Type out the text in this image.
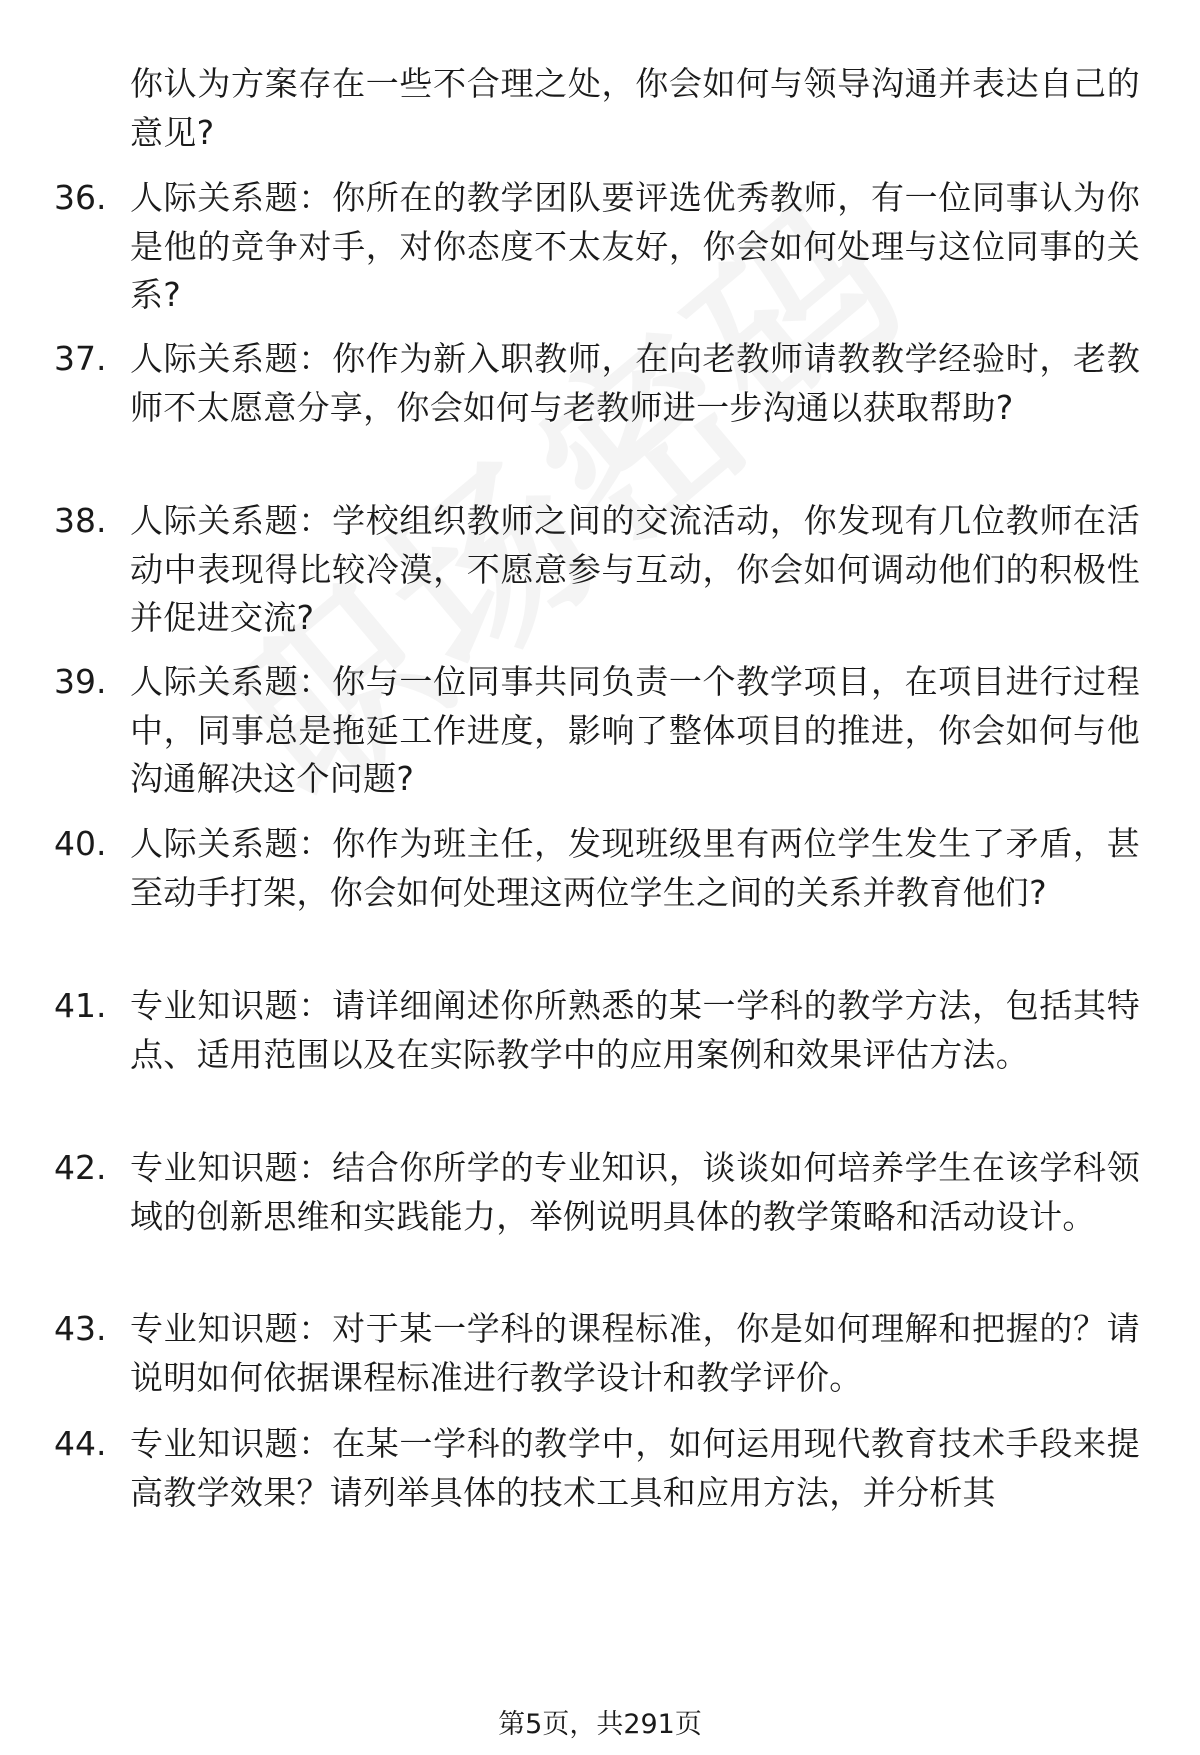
你认为方案存在一些不合理之处，你会如何与领导沟通并表达自己的意见?
36. 人际关系题：你所在的教学团队要评选优秀教师，有一位同事认为你是他的竞争对手，对你态度不太友好，你会如何处理与这位同事的关系?
37. 人际关系题：你作为新入职教师，在向老教师请教教学经验时，老教师不太愿意分享，你会如何与老教师进一步沟通以获取帮助?
38. 人际关系题：学校组织教师之间的交流活动，你发现有几位教师在活动中表现得比较冷漠，不愿意参与互动，你会如何调动他们的积极性并促进交流?
39. 人际关系题：你与一位同事共同负责一个教学项目，在项目进行过程中，同事总是拖延工作进度，影响了整体项目的推进，你会如何与他沟通解决这个问题?
40. 人际关系题：你作为班主任，发现班级里有两位学生发生了矛盾，甚至动手打架，你会如何处理这两位学生之间的关系并教育他们?
41. 专业知识题：请详细阐述你所熟悉的某一学科的教学方法，包括其特点、适用范围以及在实际教学中的应用案例和效果评估方法。
42. 专业知识题：结合你所学的专业知识，谈谈如何培养学生在该学科领域的创新思维和实践能力，举例说明具体的教学策略和活动设计。
43. 专业知识题：对于某一学科的课程标准，你是如何理解和把握的？请说明如何依据课程标准进行教学设计和教学评价。
44. 专业知识题：在某一学科的教学中，如何运用现代教育技术手段来提高教学效果？请列举具体的技术工具和应用方法，并分析其
第5页，共291页
